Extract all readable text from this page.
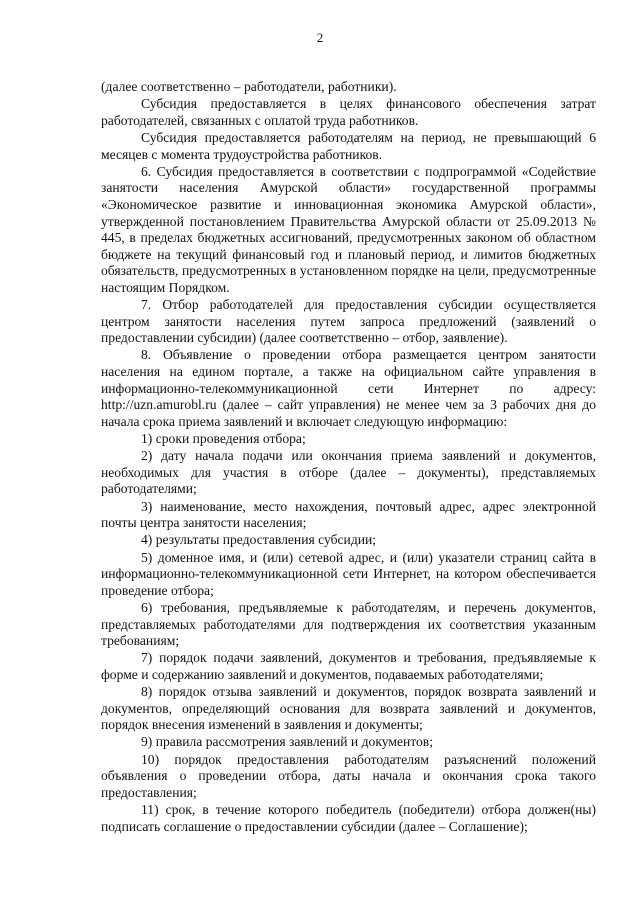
2

(далее соответственно – работодатели, работники).

Субсидия предоставляется в целях финансового обеспечения затрат работодателей, связанных с оплатой труда работников.

Субсидия предоставляется работодателям на период, не превышающий 6 месяцев с момента трудоустройства работников.

6. Субсидия предоставляется в соответствии с подпрограммой «Содействие занятости населения Амурской области» государственной программы «Экономическое развитие и инновационная экономика Амурской области», утвержденной постановлением Правительства Амурской области от 25.09.2013 № 445, в пределах бюджетных ассигнований, предусмотренных законом об областном бюджете на текущий финансовый год и плановый период, и лимитов бюджетных обязательств, предусмотренных в установленном порядке на цели, предусмотренные настоящим Порядком.

7. Отбор работодателей для предоставления субсидии осуществляется центром занятости населения путем запроса предложений (заявлений о предоставлении субсидии) (далее соответственно – отбор, заявление).

8. Объявление о проведении отбора размещается центром занятости населения на едином портале, а также на официальном сайте управления в информационно-телекоммуникационной сети Интернет по адресу: http://uzn.amurobl.ru (далее – сайт управления) не менее чем за 3 рабочих дня до начала срока приема заявлений и включает следующую информацию:

1) сроки проведения отбора;

2) дату начала подачи или окончания приема заявлений и документов, необходимых для участия в отборе (далее – документы), представляемых работодателями;

3) наименование, место нахождения, почтовый адрес, адрес электронной почты центра занятости населения;

4) результаты предоставления субсидии;

5) доменное имя, и (или) сетевой адрес, и (или) указатели страниц сайта в информационно-телекоммуникационной сети Интернет, на котором обеспечивается проведение отбора;

6) требования, предъявляемые к работодателям, и перечень документов, представляемых работодателями для подтверждения их соответствия указанным требованиям;

7) порядок подачи заявлений, документов и требования, предъявляемые к форме и содержанию заявлений и документов, подаваемых работодателями;

8) порядок отзыва заявлений и документов, порядок возврата заявлений и документов, определяющий основания для возврата заявлений и документов, порядок внесения изменений в заявления и документы;

9) правила рассмотрения заявлений и документов;

10) порядок предоставления работодателям разъяснений положений объявления о проведении отбора, даты начала и окончания срока такого предоставления;

11) срок, в течение которого победитель (победители) отбора должен(ны) подписать соглашение о предоставлении субсидии (далее – Соглашение);
